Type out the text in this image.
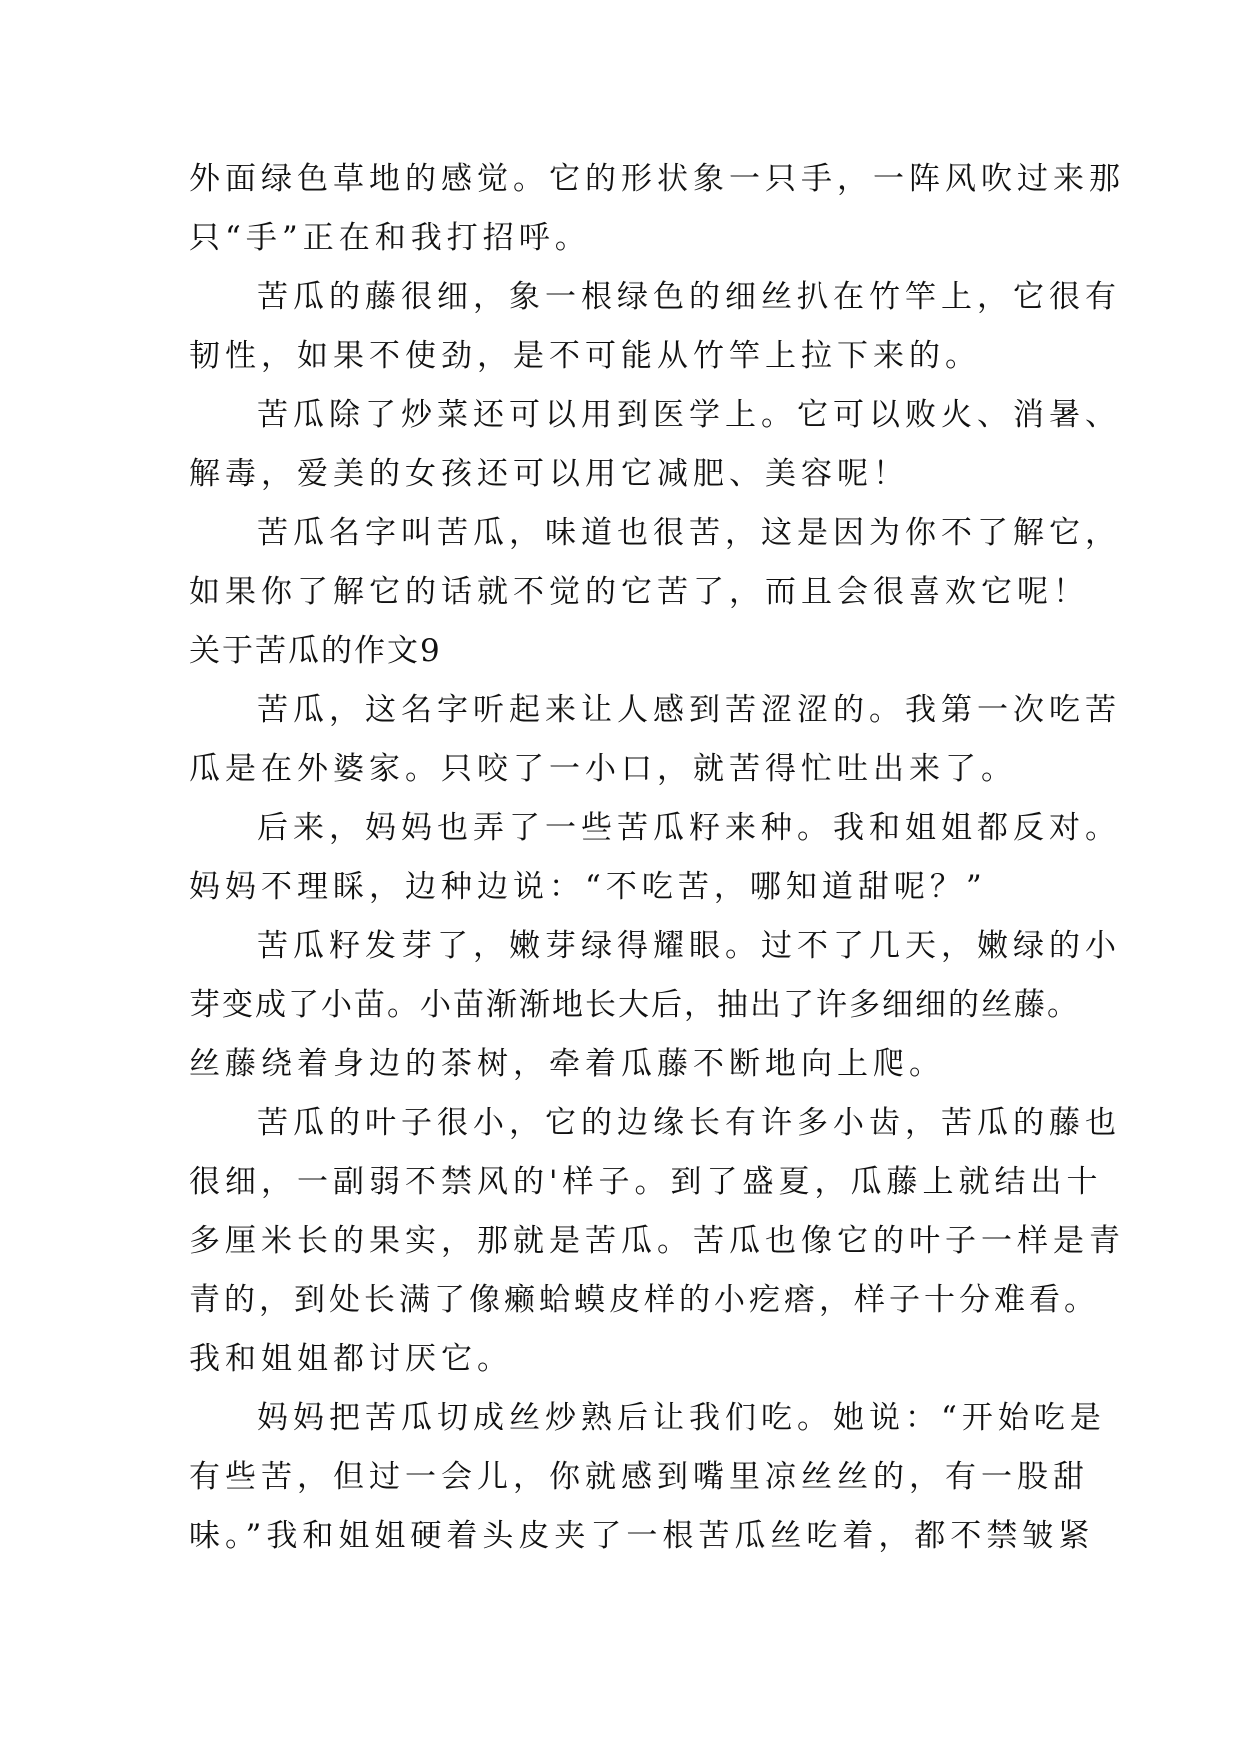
外面绿色草地的感觉。它的形状象一只手，一阵风吹过来那
只“手”正在和我打招呼。
苦瓜的藤很细，象一根绿色的细丝扒在竹竿上，它很有
韧性，如果不使劲，是不可能从竹竿上拉下来的。
苦瓜除了炒菜还可以用到医学上。它可以败火、消暑、
解毒，爱美的女孩还可以用它减肥、美容呢！
苦瓜名字叫苦瓜，味道也很苦，这是因为你不了解它，
如果你了解它的话就不觉的它苦了，而且会很喜欢它呢！
关于苦瓜的作文9
苦瓜，这名字听起来让人感到苦涩涩的。我第一次吃苦
瓜是在外婆家。只咬了一小口，就苦得忙吐出来了。
后来，妈妈也弄了一些苦瓜籽来种。我和姐姐都反对。
妈妈不理睬，边种边说：“不吃苦，哪知道甜呢？”
苦瓜籽发芽了，嫩芽绿得耀眼。过不了几天，嫩绿的小
芽变成了小苗。小苗渐渐地长大后，抽出了许多细细的丝藤。
丝藤绕着身边的茶树，牵着瓜藤不断地向上爬。
苦瓜的叶子很小，它的边缘长有许多小齿，苦瓜的藤也
很细，一副弱不禁风的'样子。到了盛夏，瓜藤上就结出十
多厘米长的果实，那就是苦瓜。苦瓜也像它的叶子一样是青
青的，到处长满了像癞蛤蟆皮样的小疙瘩，样子十分难看。
我和姐姐都讨厌它。
妈妈把苦瓜切成丝炒熟后让我们吃。她说：“开始吃是
有些苦，但过一会儿，你就感到嘴里凉丝丝的，有一股甜
味。”我和姐姐硬着头皮夹了一根苦瓜丝吃着，都不禁皱紧
